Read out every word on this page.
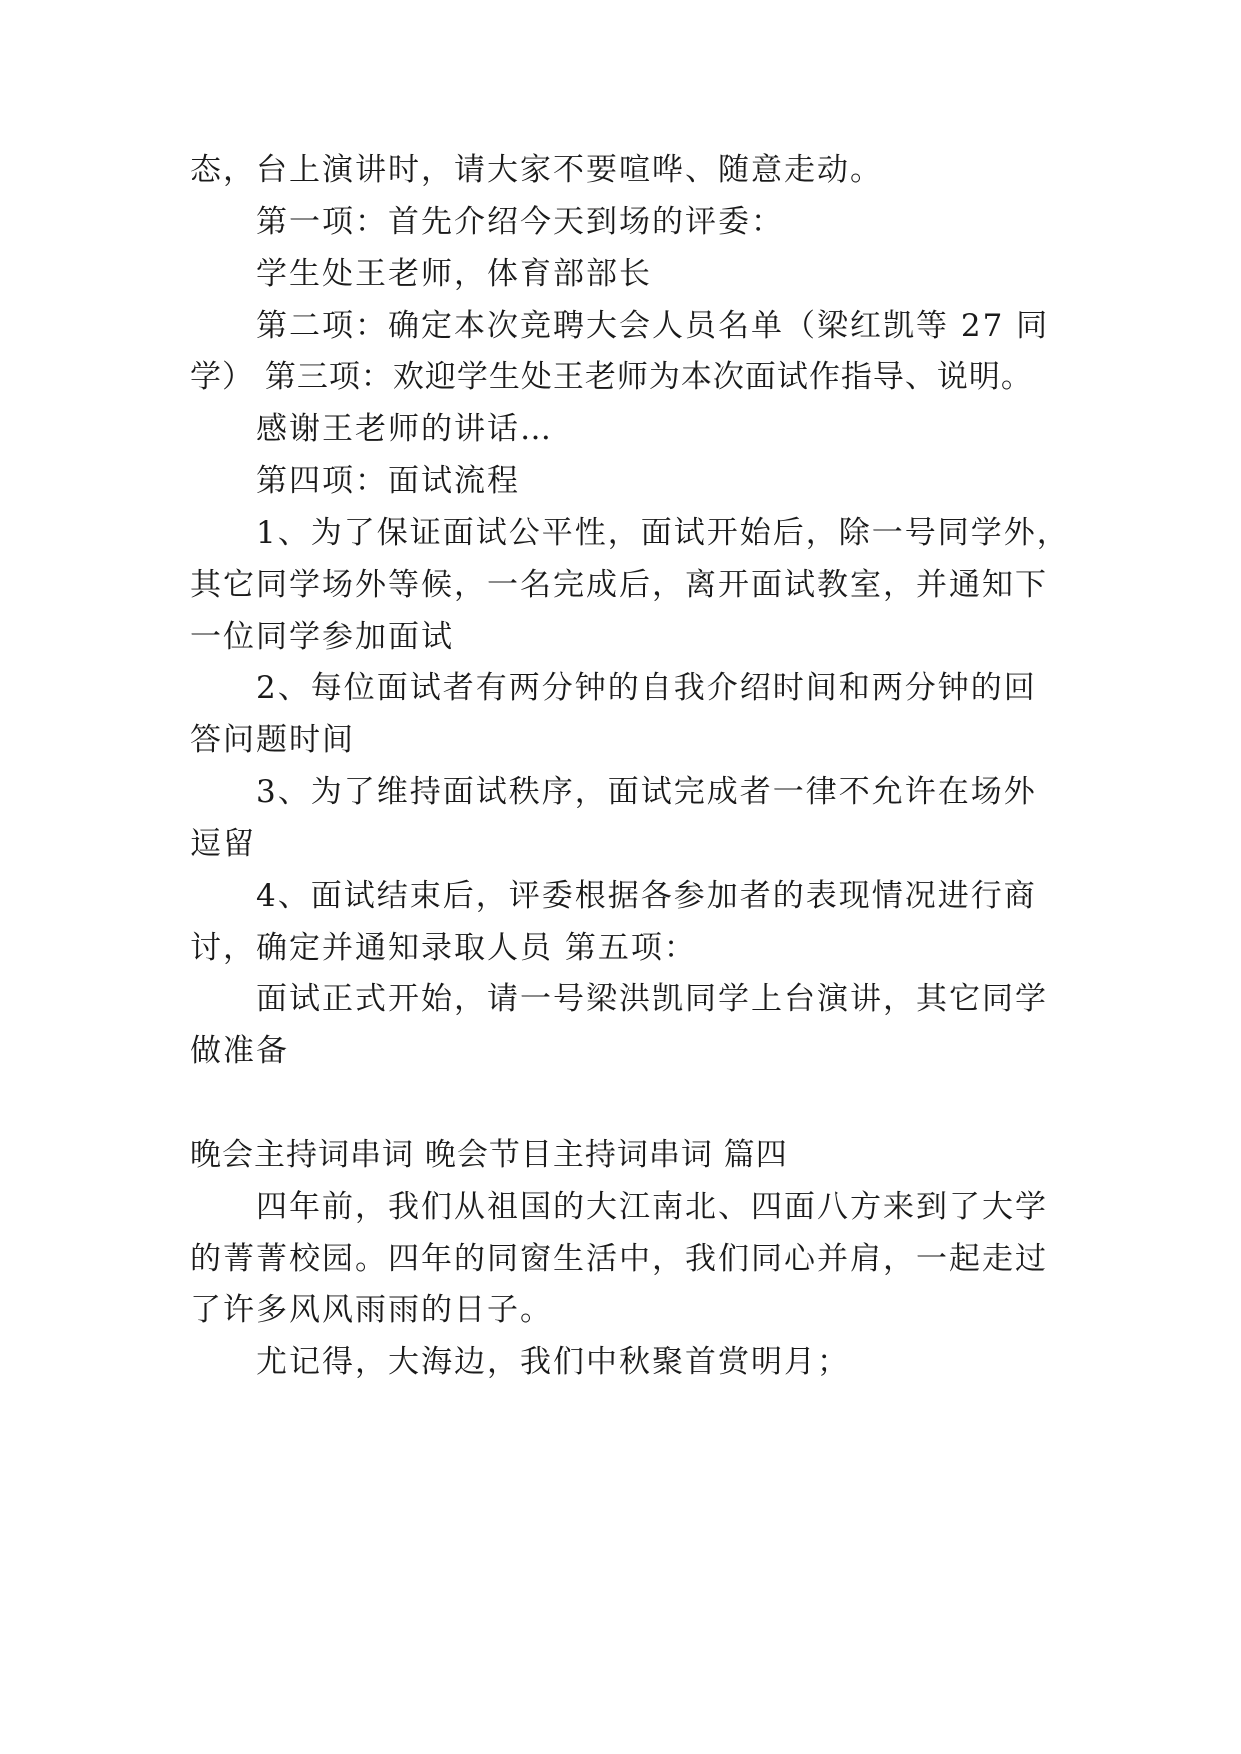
态，台上演讲时，请大家不要喧哗、随意走动。
第一项：首先介绍今天到场的评委：
学生处王老师，体育部部长
第二项：确定本次竞聘大会人员名单（梁红凯等 27 同
学） 第三项：欢迎学生处王老师为本次面试作指导、说明。
感谢王老师的讲话…
第四项：面试流程
1、为了保证面试公平性，面试开始后，除一号同学外，
其它同学场外等候，一名完成后，离开面试教室，并通知下
一位同学参加面试
2、每位面试者有两分钟的自我介绍时间和两分钟的回
答问题时间
3、为了维持面试秩序，面试完成者一律不允许在场外
逗留
4、面试结束后，评委根据各参加者的表现情况进行商
讨，确定并通知录取人员 第五项：
面试正式开始，请一号梁洪凯同学上台演讲，其它同学
做准备
晚会主持词串词 晚会节目主持词串词 篇四
四年前，我们从祖国的大江南北、四面八方来到了大学
的菁菁校园。四年的同窗生活中，我们同心并肩，一起走过
了许多风风雨雨的日子。
尤记得，大海边，我们中秋聚首赏明月；
